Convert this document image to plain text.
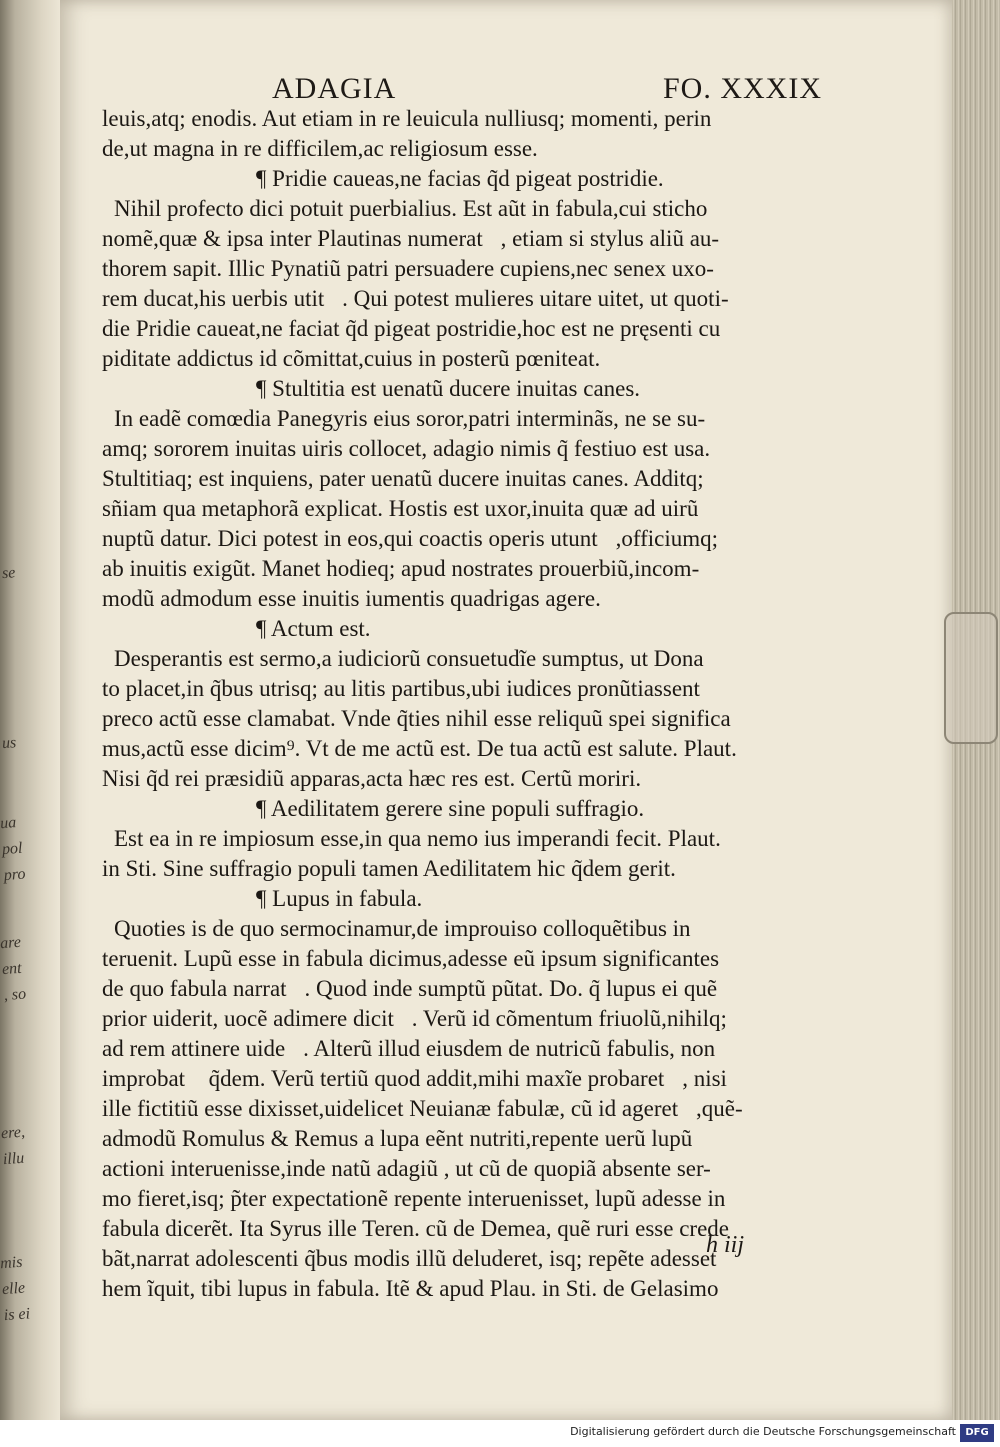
se
us
ua
pol
pro
are
ent
, so
ere,
illu
mis
elle
is ei
ADAGIA	FO. XXXIX
leuis,atq; enodis. Aut etiam in re leuicula nulliusq; momenti, perin
de,ut magna in re difficilem,ac religiosum esse.
¶ Pridie caueas,ne facias q̃d pigeat postridie.
Nihil profecto dici potuit puerbialius. Est aũt in fabula,cui sticho
nomẽ,quæ & ipsa inter Plautinas numeratᷓ, etiam si stylus aliũ au-
thorem sapit. Illic Pynatiũ patri persuadere cupiens,nec senex uxo-
rem ducat,his uerbis utitᷓ. Qui potest mulieres uitare uitet, ut quoti-
die Pridie caueat,ne faciat q̃d pigeat postridie,hoc est ne pręsenti cu
piditate addictus id cõmittat,cuius in posterũ pœniteat.
¶ Stultitia est uenatũ ducere inuitas canes.
In eadẽ comœdia Panegyris eius soror,patri interminãs, ne se su-
amq; sororem inuitas uiris collocet, adagio nimis q̃ festiuo est usa.
Stultitiaq; est inquiens, pater uenatũ ducere inuitas canes. Additq;
sñiam qua metaphorã explicat. Hostis est uxor,inuita quæ ad uirũ
nuptũ datur. Dici potest in eos,qui coactis operis utuntᷓ,officiumq;
ab inuitis exigũt. Manet hodieq; apud nostrates prouerbiũ,incom-
modũ admodum esse inuitis iumentis quadrigas agere.
¶ Actum est.
Desperantis est sermo,a iudiciorũ consuetudĩe sumptus, ut Dona
to placet,in q̃bus utrisq; au litis partibus,ubi iudices pronũtiassent
preco actũ esse clamabat. Vnde q̃ties nihil esse reliquũ spei significa
mus,actũ esse dicim⁹. Vt de me actũ est. De tua actũ est salute. Plaut.
Nisi q̃d rei præsidiũ apparas,acta hæc res est. Certũ moriri.
¶ Aedilitatem gerere sine populi suffragio.
Est ea in re impiosum esse,in qua nemo ius imperandi fecit. Plaut.
in Sti. Sine suffragio populi tamen Aedilitatem hic q̃dem gerit.
¶ Lupus in fabula.
Quoties is de quo sermocinamur,de improuiso colloquẽtibus in
teruenit. Lupũ esse in fabula dicimus,adesse eũ ipsum significantes
de quo fabula narratᷓ. Quod inde sumptũ pũtat. Do. q̃ lupus ei quẽ
prior uiderit, uocẽ adimere dicitᷓ. Verũ id cõmentum friuolũ,nihilq;
ad rem attinere uideᷓ. Alterũ illud eiusdem de nutricũ fabulis, non
improbatᷓ q̃dem. Verũ tertiũ quod addit,mihi maxĩe probaretᷓ, nisi
ille fictitiũ esse dixisset,uidelicet Neuianæ fabulæ, cũ id ageretᷓ,quẽ-
admodũ Romulus & Remus a lupa eẽnt nutriti,repente uerũ lupũ
actioni interuenisse,inde natũ adagiũ , ut cũ de quopiã absente ser-
mo fieret,isq; p̃ter expectationẽ repente interuenisset, lupũ adesse in
fabula dicerẽt. Ita Syrus ille Teren. cũ de Demea, quẽ ruri esse crede
bãt,narrat adolescenti q̃bus modis illũ deluderet, isq; repẽte adesset
hem ĩquit, tibi lupus in fabula. Itẽ & apud Plau. in Sti. de Gelasimo
h iij
Digitalisierung gefördert durch die Deutsche Forschungsgemeinschaft DFG
